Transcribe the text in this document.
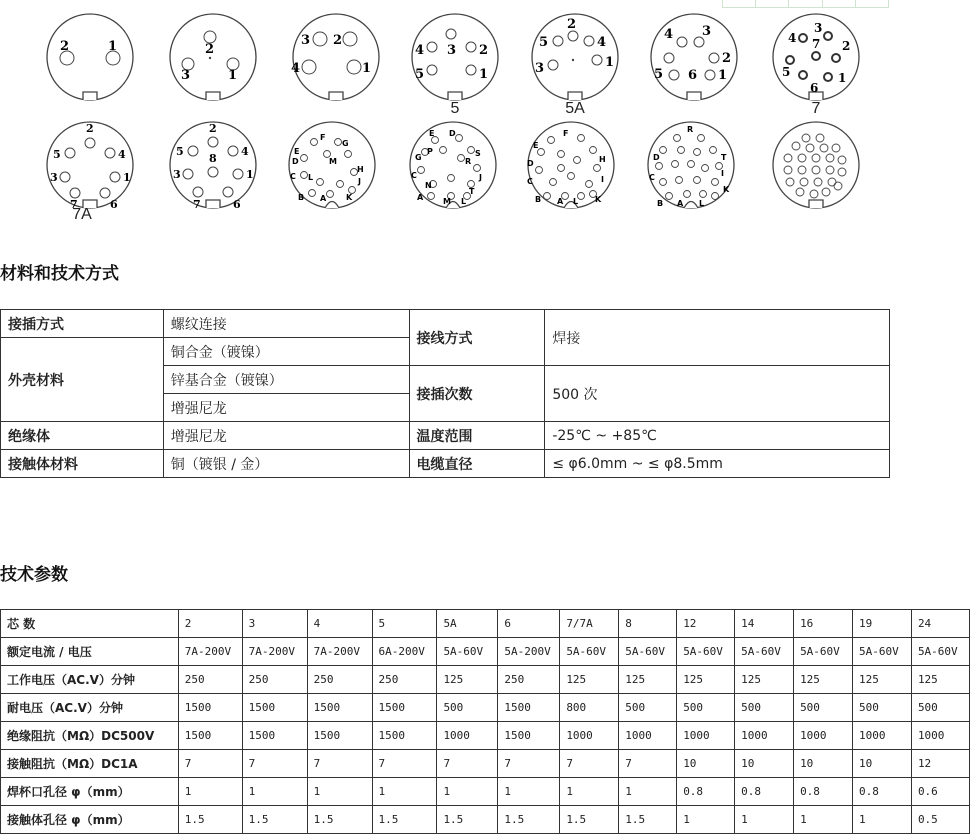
2	1	2
3	1
3 2
4	1
3
4	2
5	1
5
2
5	4
3	1
5A
4 3
2
5 6 1
3
4 7 2
5	1
6
7
2
5	4
3	1
7	6
7A
2
5	4
8
3	1
7	6
F
G
E
D	M
H
C L	J
B A K
E D
P	S
G	R
J
C
N
T
A M L
F
E
D	H
I
C
B A L K
R
D	T
I
C
K
B A L
材料和技术方式
接插方式	螺纹连接	接线方式	焊接
外壳材料	铜合金（镀镍）		
	锌基合金（镀镍）	接插次数	500 次
	增强尼龙		
绝缘体	增强尼龙	温度范围	-25℃ ~ +85℃
接触体材料	铜（镀银 / 金）	电缆直径	≤ φ6.0mm ~ ≤ φ8.5mm
技术参数
芯 数	2	3	4	5	5A	6	7/7A	8	12	14	16	19	24
额定电流 / 电压	7A-200V	7A-200V	7A-200V	6A-200V	5A-60V	5A-200V	5A-60V	5A-60V	5A-60V	5A-60V	5A-60V	5A-60V	5A-60V
工作电压（AC.V）分钟	250	250	250	250	125	250	125	125	125	125	125	125	125
耐电压（AC.V）分钟	1500	1500	1500	1500	500	1500	800	500	500	500	500	500	500
绝缘阻抗（MΩ）DC500V	1500	1500	1500	1500	1000	1500	1000	1000	1000	1000	1000	1000	1000
接触阻抗（MΩ）DC1A	7	7	7	7	7	7	7	7	10	10	10	10	12
焊杯口孔径 φ（mm）	1	1	1	1	1	1	1	1	0.8	0.8	0.8	0.8	0.6
接触体孔径 φ（mm）	1.5	1.5	1.5	1.5	1.5	1.5	1.5	1.5	1	1	1	1	0.5
